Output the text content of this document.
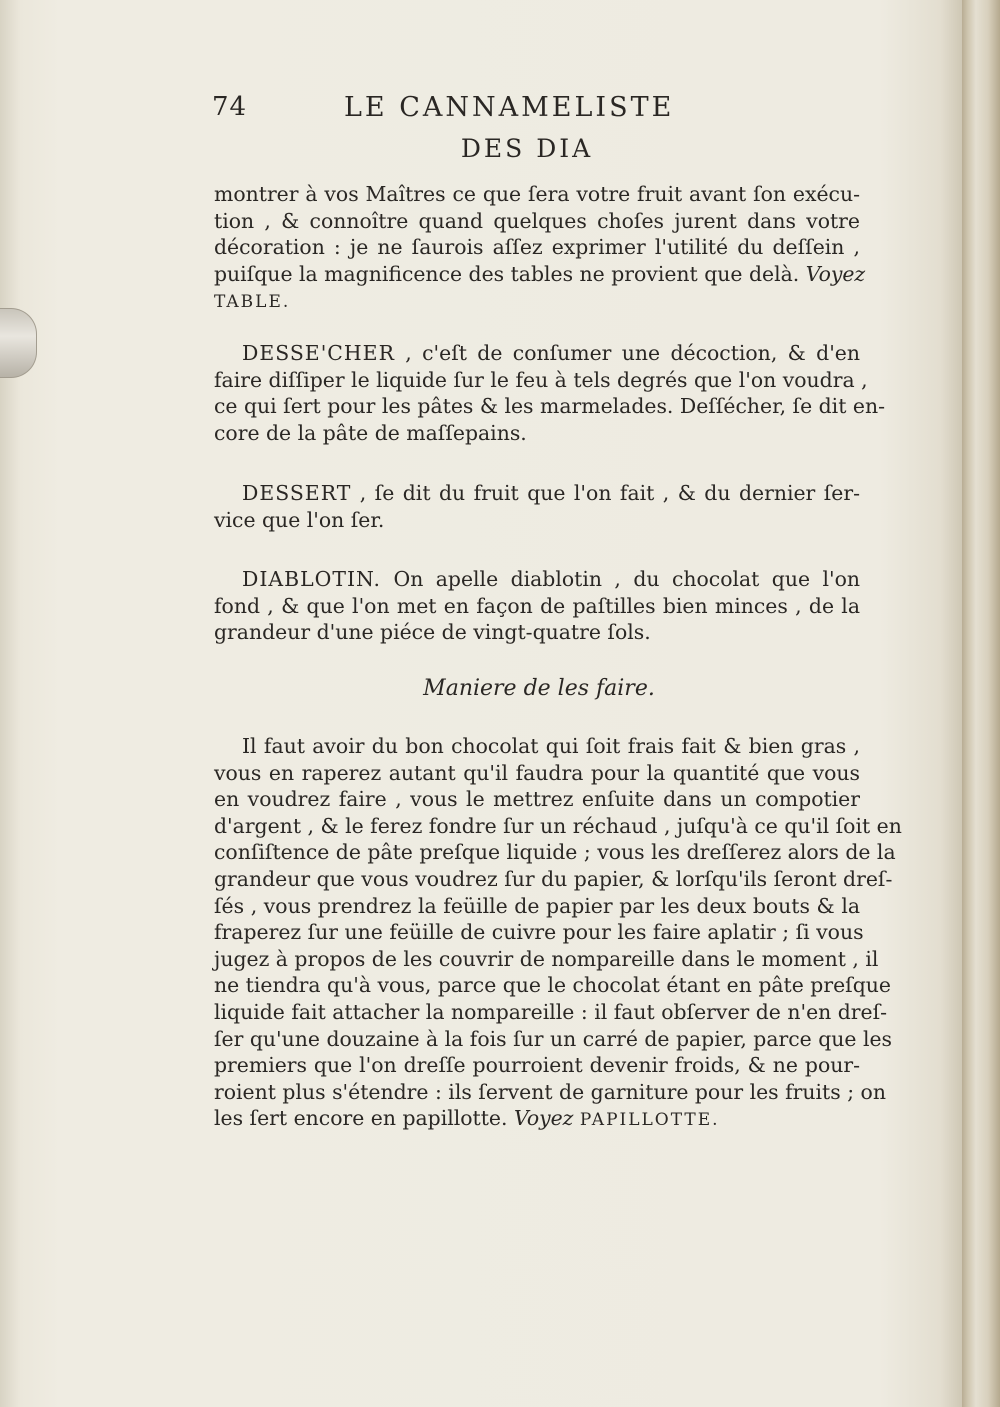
74	LE CANNAMELISTE
DES DIA
montrer à vos Maîtres ce que ſera votre fruit avant ſon exécu-
tion , & connoître quand quelques choſes jurent dans votre
décoration : je ne ſaurois aſſez exprimer l'utilité du deſſein ,
puiſque la magnificence des tables ne provient que delà. Voyez
TABLE.
DESSE'CHER , c'eſt de conſumer une décoction, & d'en
faire diſſiper le liquide ſur le feu à tels degrés que l'on voudra ,
ce qui ſert pour les pâtes & les marmelades. Deſſécher, ſe dit en-
core de la pâte de maſſepains.
DESSERT , ſe dit du fruit que l'on fait , & du dernier ſer-
vice que l'on ſer.
DIABLOTIN. On apelle diablotin , du chocolat que l'on
fond , & que l'on met en façon de paſtilles bien minces , de la
grandeur d'une piéce de vingt-quatre ſols.
Maniere de les faire.
Il faut avoir du bon chocolat qui ſoit frais fait & bien gras ,
vous en raperez autant qu'il faudra pour la quantité que vous
en voudrez faire , vous le mettrez enſuite dans un compotier
d'argent , & le ferez fondre ſur un réchaud , juſqu'à ce qu'il ſoit en
conſiſtence de pâte preſque liquide ; vous les dreſſerez alors de la
grandeur que vous voudrez ſur du papier, & lorſqu'ils ſeront dreſ-
ſés , vous prendrez la feüille de papier par les deux bouts & la
fraperez ſur une feüille de cuivre pour les faire aplatir ; ſi vous
jugez à propos de les couvrir de nompareille dans le moment , il
ne tiendra qu'à vous, parce que le chocolat étant en pâte preſque
liquide fait attacher la nompareille : il faut obſerver de n'en dreſ-
ſer qu'une douzaine à la fois ſur un carré de papier, parce que les
premiers que l'on dreſſe pourroient devenir froids, & ne pour-
roient plus s'étendre : ils ſervent de garniture pour les fruits ; on
les ſert encore en papillotte. Voyez PAPILLOTTE.
